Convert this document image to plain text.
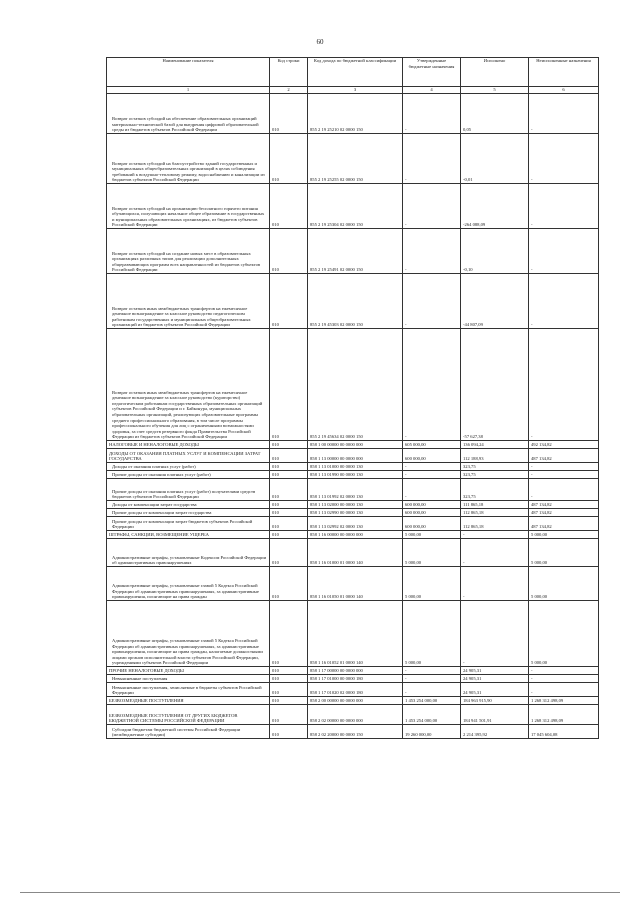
60
Наименование показателя	Код строки	Код дохода по бюджетной классификации	Утвержденные бюджетные назначения	Исполнено	Неисполненные назначения
1	2	3	4	5	6
Возврат остатков субсидий на обеспечение образовательных организаций материально-технической базой для внедрения цифровой образовательной среды из бюджетов субъектов Российской Федерации	010	855 2 19 25210 02 0000 150	-	0,05	-
Возврат остатков субсидий на благоустройство зданий государственных и муниципальных общеобразовательных организаций в целях соблюдения требований к воздушно-тепловому режиму, водоснабжению и канализации из бюджетов субъектов Российской Федерации	010	855 2 19 25255 02 0000 150	-	-0,01	-
Возврат остатков субсидий на организацию бесплатного горячего питания обучающихся, получающих начальное общее образование в государственных и муниципальных образовательных организациях, из бюджетов субъектов Российской Федерации	010	855 2 19 25304 02 0000 150	-	-264 088,09	-
Возврат остатков субсидий на создание новых мест в образовательных организациях различных типов для реализации дополнительных общеразвивающих программ всех направленностей из бюджетов субъектов Российской Федерации	010	855 2 19 25491 02 0000 150	-	-0,10	-
Возврат остатков иных межбюджетных трансфертов на ежемесячное денежное вознаграждение за классное руководство педагогическим работникам государственных и муниципальных общеобразовательных организаций из бюджетов субъектов Российской Федерации	010	855 2 19 45303 02 0000 150	-	-44 807,09	-
Возврат остатков иных межбюджетных трансфертов на ежемесячное денежное вознаграждение за классное руководство (кураторство) педагогическим работникам государственных образовательных организаций субъектов Российской Федерации и г. Байконура, муниципальных образовательных организаций, реализующих образовательные программы среднего профессионального образования, в том числе программы профессионального обучения для лиц с ограниченными возможностями здоровья, за счет средств резервного фонда Правительства Российской Федерации из бюджетов субъектов Российской Федерации	010	855 2 19 45634 02 0000 150	-	-57 627,38	-
НАЛОГОВЫЕ И НЕНАЛОГОВЫЕ ДОХОДЫ	010	858 1 00 00000 00 0000 000	605 000,00	136 094,24	492 134,82
ДОХОДЫ ОТ ОКАЗАНИЯ ПЛАТНЫХ УСЛУГ И КОМПЕНСАЦИИ ЗАТРАТ ГОСУДАРСТВА	010	858 1 13 00000 00 0000 000	600 000,00	112 188,93	487 134,82
Доходы от оказания платных услуг (работ)	010	858 1 13 01000 00 0000 130	-	323,75	-
Прочие доходы от оказания платных услуг (работ)	010	858 1 13 01990 00 0000 130	-	323,75	-
Прочие доходы от оказания платных услуг (работ) получателями средств бюджетов субъектов Российской Федерации	010	858 1 13 01992 02 0000 130	-	323,75	-
Доходы от компенсации затрат государства	010	858 1 13 02000 00 0000 130	600 000,00	111 865,18	487 134,82
Прочие доходы от компенсации затрат государства	010	858 1 13 02990 00 0000 130	600 000,00	112 865,18	487 134,82
Прочие доходы от компенсации затрат бюджетов субъектов Российской Федерации	010	858 1 13 02992 02 0000 130	600 000,00	112 865,18	487 134,82
ШТРАФЫ, САНКЦИИ, ВОЗМЕЩЕНИЕ УЩЕРБА	010	858 1 16 00000 00 0000 000	5 000,00	-	5 000,00
Административные штрафы, установленные Кодексом Российской Федерации об административных правонарушениях	010	858 1 16 01000 01 0000 140	5 000,00	-	5 000,00
Административные штрафы, установленные главой 5 Кодекса Российской Федерации об административных правонарушениях, за административные правонарушения, посягающие на права граждан	010	858 1 16 01050 01 0000 140	5 000,00	-	5 000,00
Административные штрафы, установленные главой 5 Кодекса Российской Федерации об административных правонарушениях, за административные правонарушения, посягающие на права граждан, налагаемые должностными лицами органов исполнительной власти субъектов Российской Федерации, учреждениями субъектов Российской Федерации	010	858 1 16 01052 01 0000 140	5 000,00	-	5 000,00
ПРОЧИЕ НЕНАЛОГОВЫЕ ДОХОДЫ	010	858 1 17 00000 00 0000 000	-	24 905,31	-
Невыясненные поступления	010	858 1 17 01000 00 0000 180	-	24 905,31	-
Невыясненные поступления, зачисляемые в бюджеты субъектов Российской Федерации	010	858 1 17 01020 02 0000 180	-	24 905,31	-
БЕЗВОЗМЕЗДНЫЕ ПОСТУПЛЕНИЯ	010	858 2 00 00000 00 0000 000	1 453 254 000,00	184 963 915,90	1 268 312 498,09
БЕЗВОЗМЕЗДНЫЕ ПОСТУПЛЕНИЯ ОТ ДРУГИХ БЮДЖЕТОВ БЮДЖЕТНОЙ СИСТЕМЫ РОССИЙСКОЙ ФЕДЕРАЦИИ	010	858 2 02 00000 00 0000 000	1 453 254 000,00	184 941 501,91	1 268 312 498,09
Субсидии бюджетам бюджетной системы Российской Федерации (межбюджетные субсидии)	010	858 2 02 20000 00 0000 150	19 260 000,00	2 214 395,92	17 045 604,08
